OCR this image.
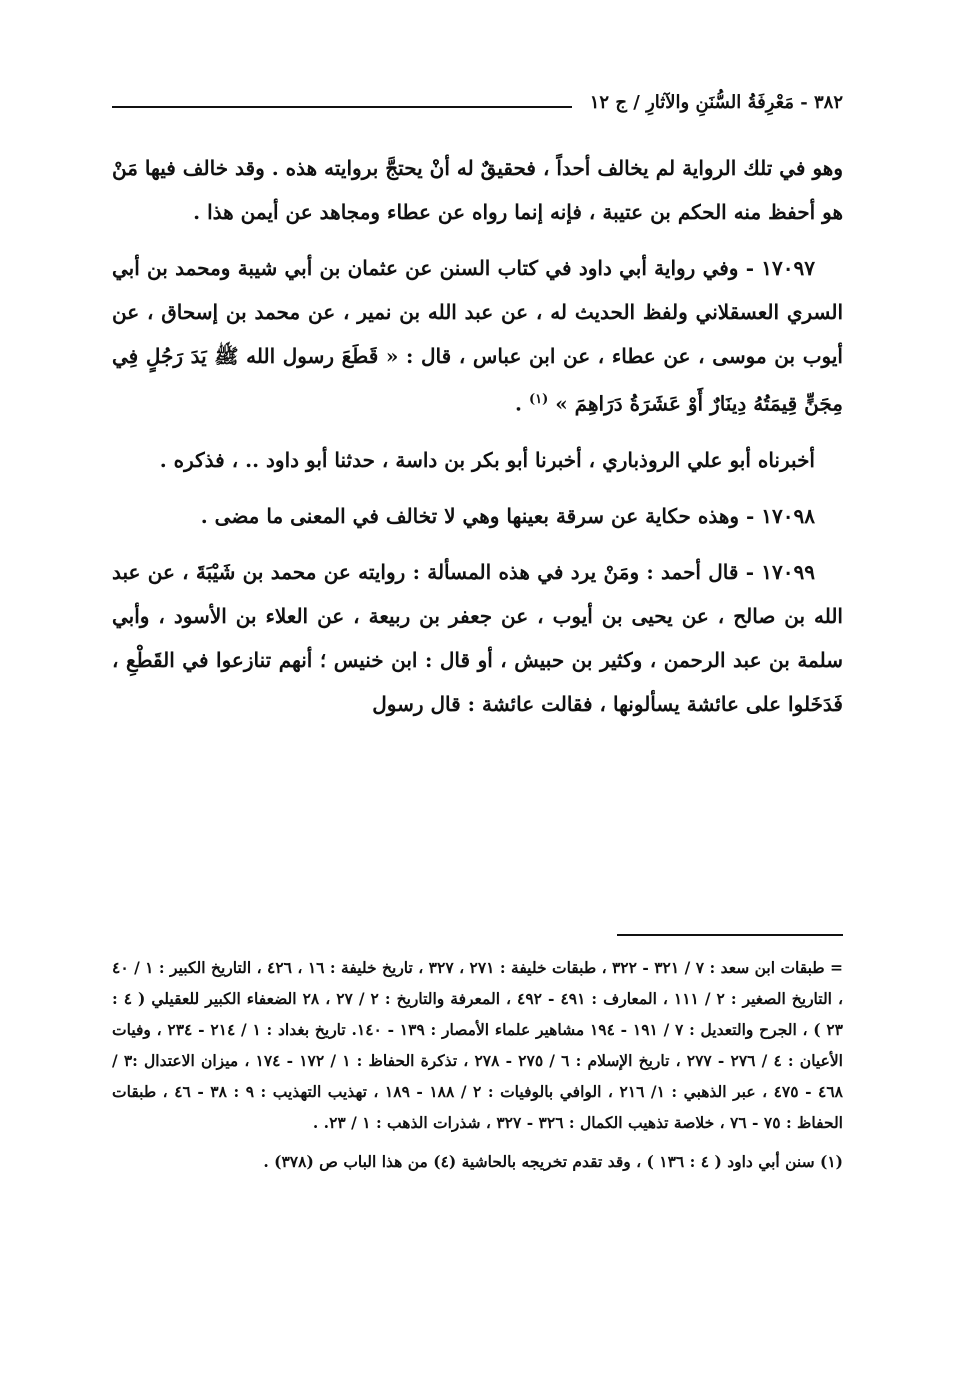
٣٨٢ - مَعْرِفَةُ السُّنَنِ والآثارِ / ج ١٢

وهو في تلك الرواية لم يخالف أحداً ، فحقيقٌ له أنْ يحتجَّ بروايته هذه . وقد خالف فيها مَنْ هو أحفظ منه الحكم بن عتيبة ، فإنه إنما رواه عن عطاء ومجاهد عن أيمن هذا .

١٧٠٩٧ - وفي رواية أبي داود في كتاب السنن عن عثمان بن أبي شيبة ومحمد بن أبي السري العسقلاني ولفظ الحديث له ، عن عبد الله بن نمير ، عن محمد بن إسحاق ، عن أيوب بن موسى ، عن عطاء ، عن ابن عباس ، قال : « قَطَعَ رسول الله ﷺ يَدَ رَجُلٍ فِي مِجَنٍّ قِيمَتُهُ دِينَارٌ أَوْ عَشَرَةُ دَرَاهِمَ » $^{(١)}$ .

أخبرناه أبو علي الروذباري ، أخبرنا أبو بكر بن داسة ، حدثنا أبو داود .. ، فذكره .

١٧٠٩٨ - وهذه حكاية عن سرقة بعينها وهي لا تخالف في المعنى ما مضى .

١٧٠٩٩ - قال أحمد : ومَنْ يرد في هذه المسألة : روايته عن محمد بن شَيْبَةَ ، عن عبد الله بن صالح ، عن يحيى بن أيوب ، عن جعفر بن ربيعة ، عن العلاء بن الأسود ، وأبي سلمة بن عبد الرحمن ، وكثير بن حبيش ، أو قال : ابن خنيس ؛ أنهم تنازعوا في القَطْعِ ، فَدَخَلوا على عائشة يسألونها ، فقالت عائشة : قال رسول

= طبقات ابن سعد : ٧ / ٣٢١ - ٣٢٢ ، طبقات خليفة : ٢٧١ ، ٣٢٧ ، تاريخ خليفة : ١٦ ، ٤٢٦ ، التاريخ الكبير : ١ / ٤٠ ، التاريخ الصغير : ٢ / ١١١ ، المعارف : ٤٩١ - ٤٩٢ ، المعرفة والتاريخ : ٢ / ٢٧ ، ٢٨ الضعفاء الكبير للعقيلي ( ٤ : ٢٣ ) ، الجرح والتعديل : ٧ / ١٩١ - ١٩٤ مشاهير علماء الأمصار : ١٣٩ - ١٤٠. تاريخ بغداد : ١ / ٢١٤ - ٢٣٤ ، وفيات الأعيان : ٤ / ٢٧٦ - ٢٧٧ ، تاريخ الإسلام : ٦ / ٢٧٥ - ٢٧٨ ، تذكرة الحفاظ : ١ / ١٧٢ - ١٧٤ ، ميزان الاعتدال :٣ / ٤٦٨ - ٤٧٥ ، عبر الذهبي : ١/ ٢١٦ ، الوافي بالوفيات : ٢ / ١٨٨ - ١٨٩ ، تهذيب التهذيب : ٩ : ٣٨ - ٤٦ ، طبقات الحفاظ : ٧٥ - ٧٦ ، خلاصة تذهيب الكمال : ٣٢٦ - ٣٢٧ ، شذرات الذهب : ١ / ٢٣. .

(١) سنن أبي داود ( ٤ : ١٣٦ ) ، وقد تقدم تخريجه بالحاشية (٤) من هذا الباب ص (٣٧٨) .
